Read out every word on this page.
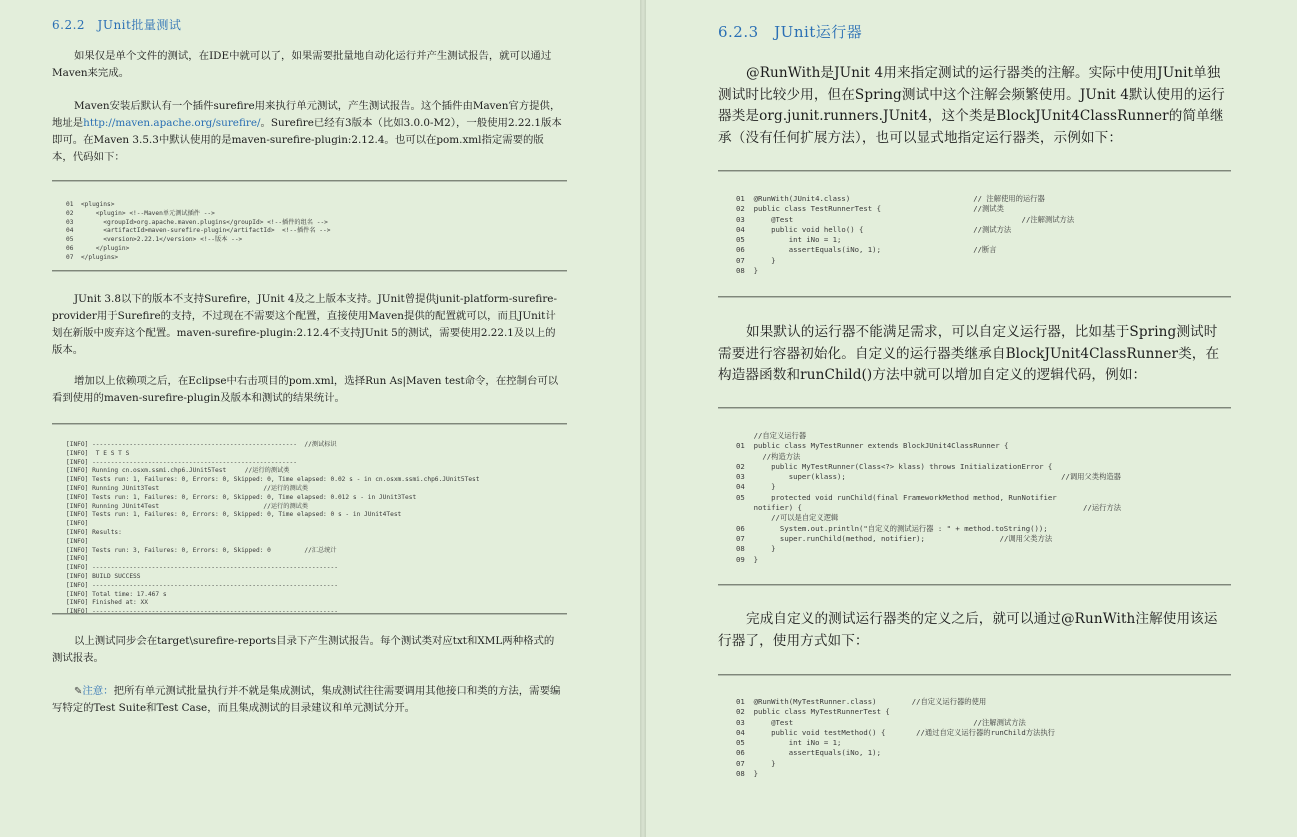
6.2.2　JUnit批量测试
如果仅是单个文件的测试，在IDE中就可以了，如果需要批量地自动化运行并产生测试报告，就可以通过Maven来完成。
Maven安装后默认有一个插件surefire用来执行单元测试，产生测试报告。这个插件由Maven官方提供，地址是http://maven.apache.org/surefire/。Surefire已经有3版本（比如3.0.0-M2），一般使用2.22.1版本即可。在Maven 3.5.3中默认使用的是maven-surefire-plugin:2.12.4。也可以在pom.xml指定需要的版本，代码如下：
01  <plugins>
02      <plugin> <!--Maven单元测试插件 -->
03        <groupId>org.apache.maven.plugins</groupId> <!--插件的组名 -->
04        <artifactId>maven-surefire-plugin</artifactId>  <!--插件名 -->
05        <version>2.22.1</version> <!--版本 -->
06      </plugin>
07  </plugins>
JUnit 3.8以下的版本不支持Surefire，JUnit 4及之上版本支持。JUnit曾提供junit-platform-surefire-provider用于Surefire的支持，不过现在不需要这个配置，直接使用Maven提供的配置就可以，而且JUnit计划在新版中废弃这个配置。maven-surefire-plugin:2.12.4不支持JUnit 5的测试，需要使用2.22.1及以上的版本。
增加以上依赖项之后，在Eclipse中右击项目的pom.xml，选择Run As|Maven test命令，在控制台可以看到使用的maven-surefire-plugin及版本和测试的结果统计。
[INFO] -------------------------------------------------------  //测试标识
[INFO]  T E S T S
[INFO] -------------------------------------------------------
[INFO] Running cn.osxm.ssmi.chp6.JUnit5Test     //运行的测试类
[INFO] Tests run: 1, Failures: 0, Errors: 0, Skipped: 0, Time elapsed: 0.02 s - in cn.osxm.ssmi.chp6.JUnit5Test
[INFO] Running JUnit3Test                            //运行的测试类
[INFO] Tests run: 1, Failures: 0, Errors: 0, Skipped: 0, Time elapsed: 0.012 s - in JUnit3Test
[INFO] Running JUnit4Test                            //运行的测试类
[INFO] Tests run: 1, Failures: 0, Errors: 0, Skipped: 0, Time elapsed: 0 s - in JUnit4Test
[INFO]
[INFO] Results:
[INFO]
[INFO] Tests run: 3, Failures: 0, Errors: 0, Skipped: 0         //汇总统计
[INFO]
[INFO] ------------------------------------------------------------------
[INFO] BUILD SUCCESS
[INFO] ------------------------------------------------------------------
[INFO] Total time: 17.467 s
[INFO] Finished at: XX
[INFO] ------------------------------------------------------------------
以上测试同步会在target\surefire-reports目录下产生测试报告。每个测试类对应txt和XML两种格式的测试报表。
✎注意：把所有单元测试批量执行并不就是集成测试，集成测试往往需要调用其他接口和类的方法，需要编写特定的Test Suite和Test Case，而且集成测试的目录建议和单元测试分开。
6.2.3　JUnit运行器
@RunWith是JUnit 4用来指定测试的运行器类的注解。实际中使用JUnit单独测试时比较少用，但在Spring测试中这个注解会频繁使用。JUnit 4默认使用的运行器类是org.junit.runners.JUnit4，这个类是BlockJUnit4ClassRunner的简单继承（没有任何扩展方法），也可以显式地指定运行器类，示例如下：
01  @RunWith(JUnit4.class)                            // 注解使用的运行器
02  public class TestRunnerTest {                     //测试类
03      @Test                                                    //注解测试方法
04      public void hello() {                         //测试方法
05          int iNo = 1;
06          assertEquals(iNo, 1);                     //断言
07      }
08  }
如果默认的运行器不能满足需求，可以自定义运行器，比如基于Spring测试时需要进行容器初始化。自定义的运行器类继承自BlockJUnit4ClassRunner类，在构造器函数和runChild()方法中就可以增加自定义的逻辑代码，例如：
//自定义运行器
01  public class MyTestRunner extends BlockJUnit4ClassRunner {
//构造方法
02      public MyTestRunner(Class<?> klass) throws InitializationError {
03          super(klass);                                                 //调用父类构造器
04      }
05      protected void runChild(final FrameworkMethod method, RunNotifier
notifier) {                                                                //运行方法
//可以是自定义逻辑
06        System.out.println("自定义的测试运行器 : " + method.toString());
07        super.runChild(method, notifier);                 //调用父类方法
08      }
09  }
完成自定义的测试运行器类的定义之后，就可以通过@RunWith注解使用该运行器了，使用方式如下：
01  @RunWith(MyTestRunner.class)        //自定义运行器的使用
02  public class MyTestRunnerTest {
03      @Test                                         //注解测试方法
04      public void testMethod() {       //通过自定义运行器的runChild方法执行
05          int iNo = 1;
06          assertEquals(iNo, 1);
07      }
08  }
